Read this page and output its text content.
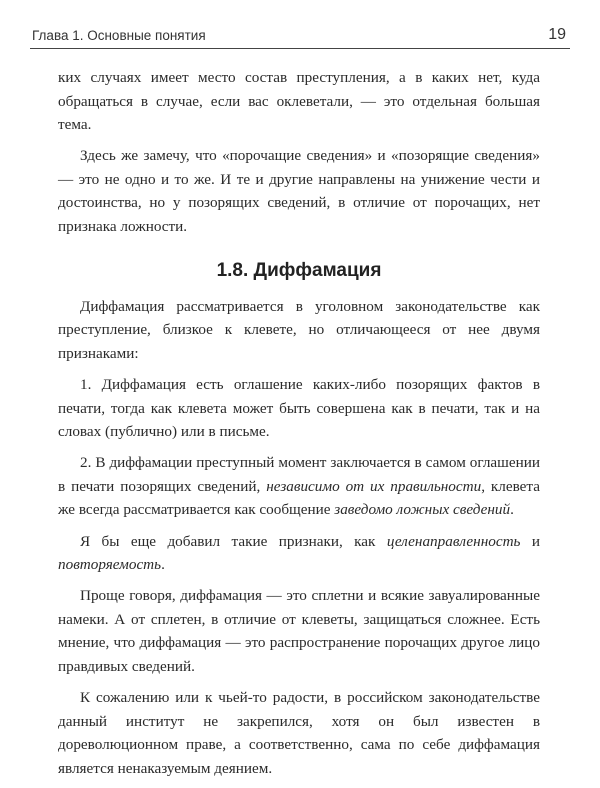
Глава 1. Основные понятия	19

ких случаях имеет место состав преступления, а в каких нет, куда обращаться в случае, если вас оклеветали, — это отдельная большая тема.

Здесь же замечу, что «порочащие сведения» и «позорящие сведения» — это не одно и то же. И те и другие направлены на унижение чести и достоинства, но у позорящих сведений, в отличие от порочащих, нет признака ложности.

1.8. Диффамация

Диффамация рассматривается в уголовном законодательстве как преступление, близкое к клевете, но отличающееся от нее двумя признаками:

1. Диффамация есть оглашение каких-либо позорящих фактов в печати, тогда как клевета может быть совершена как в печати, так и на словах (публично) или в письме.

2. В диффамации преступный момент заключается в самом оглашении в печати позорящих сведений, независимо от их правильности, клевета же всегда рассматривается как сообщение заведомо ложных сведений.

Я бы еще добавил такие признаки, как целенаправленность и повторяемость.

Проще говоря, диффамация — это сплетни и всякие завуалированные намеки. А от сплетен, в отличие от клеветы, защищаться сложнее. Есть мнение, что диффамация — это распространение порочащих другое лицо правдивых сведений.

К сожалению или к чьей-то радости, в российском законодательстве данный институт не закрепился, хотя он был известен в дореволюционном праве, а соответственно, сама по себе диффамация является ненаказуемым деянием.
